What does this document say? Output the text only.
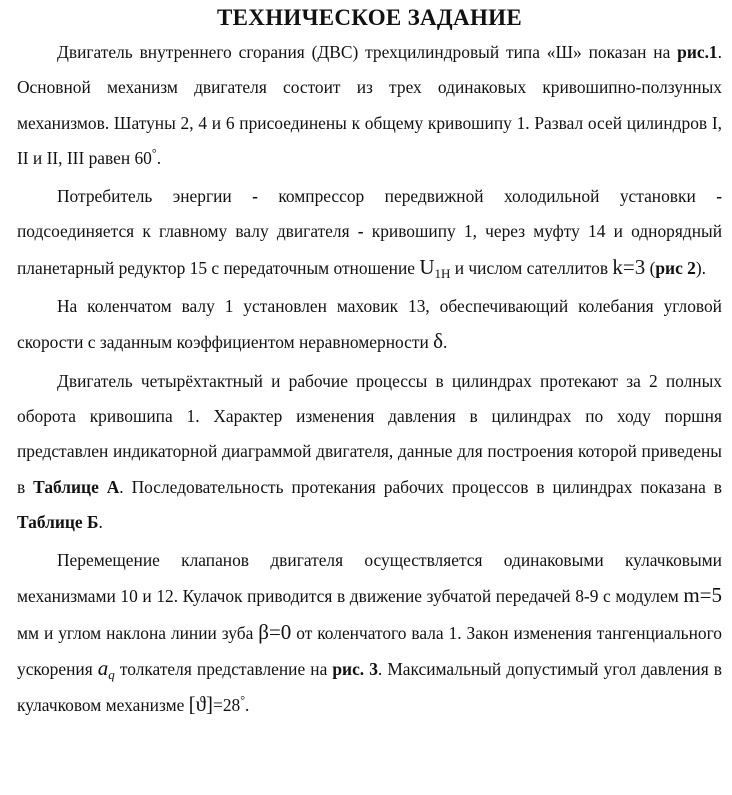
ТЕХНИЧЕСКОЕ ЗАДАНИЕ

Двигатель внутреннего сгорания (ДВС) трехцилиндровый типа «Ш» показан на рис.1. Основной механизм двигателя состоит из трех одинаковых кривошипно-ползунных механизмов. Шатуны 2, 4 и 6 присоединены к общему кривошипу 1. Развал осей цилиндров I, II и II, III равен 60°.

Потребитель энергии - компрессор передвижной холодильной установки - подсоединяется к главному валу двигателя - кривошипу 1, через муфту 14 и однорядный планетарный редуктор 15 с передаточным отношение $U_{1H}$ и числом сателлитов k=3 (рис 2).

На коленчатом валу 1 установлен маховик 13, обеспечивающий колебания угловой скорости с заданным коэффициентом неравномерности δ.

Двигатель четырёхтактный и рабочие процессы в цилиндрах протекают за 2 полных оборота кривошипа 1. Характер изменения давления в цилиндрах по ходу поршня представлен индикаторной диаграммой двигателя, данные для построения которой приведены в Таблице А. Последовательность протекания рабочих процессов в цилиндрах показана в Таблице Б.

Перемещение клапанов двигателя осуществляется одинаковыми кулачковыми механизмами 10 и 12. Кулачок приводится в движение зубчатой передачей 8-9 с модулем m=5 мм и углом наклона линии зуба β=0 от коленчатого вала 1. Закон изменения тангенциального ускорения $a_q$ толкателя представление на рис. 3. Максимальный допустимый угол давления в кулачковом механизме [ϑ]=28°.
